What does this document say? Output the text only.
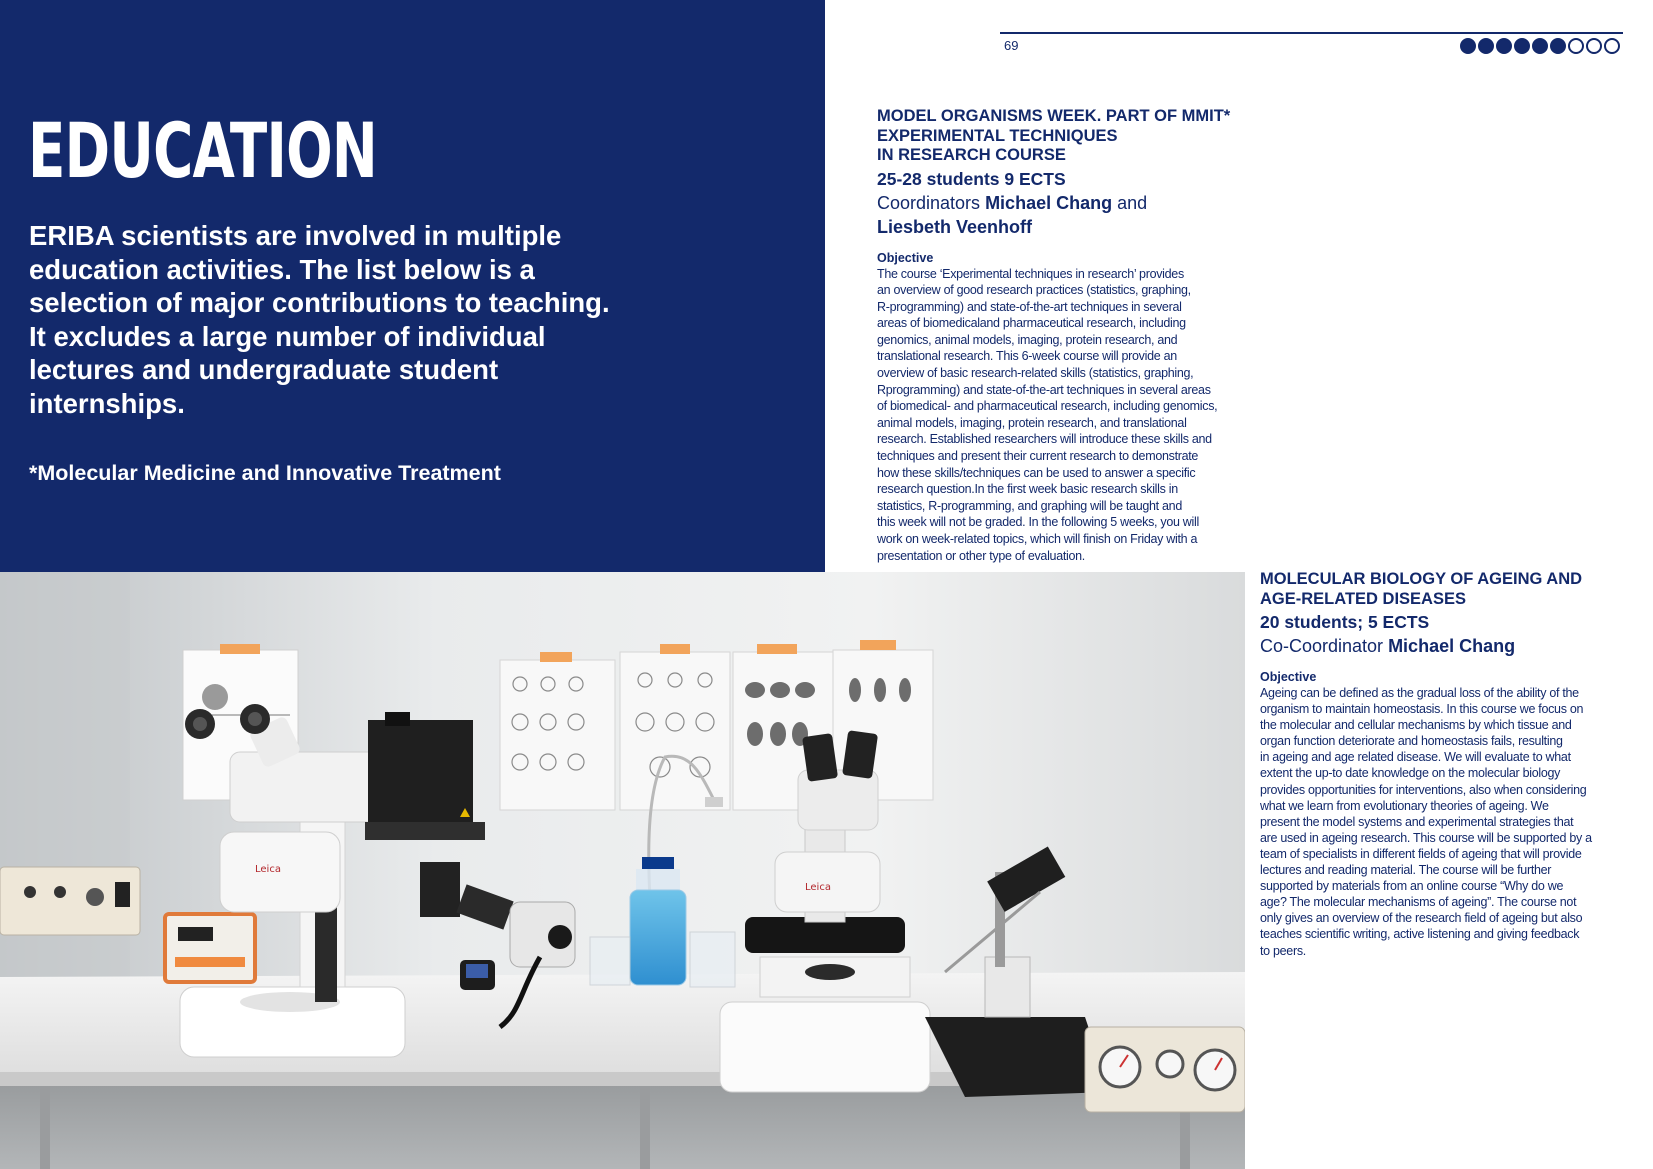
EDUCATION

ERIBA scientists are involved in multiple education activities. The list below is a selection of major contributions to teaching. It excludes a large number of individual lectures and undergraduate student internships.

*Molecular Medicine and Innovative Treatment

69
MODEL ORGANISMS WEEK. PART OF MMIT*
EXPERIMENTAL TECHNIQUES
IN RESEARCH COURSE
25-28 students 9 ECTS
Coordinators Michael Chang and
Liesbeth Veenhoff
Objective
The course ‘Experimental techniques in research’ provides
an overview of good research practices (statistics, graphing,
R-programming) and state-of-the-art techniques in several
areas of biomedicaland pharmaceutical research, including
genomics, animal models, imaging, protein research, and
translational research. This 6-week course will provide an
overview of basic research-related skills (statistics, graphing,
Rprogramming) and state-of-the-art techniques in several areas
of biomedical- and pharmaceutical research, including genomics,
animal models, imaging, protein research, and translational
research. Established researchers will introduce these skills and
techniques and present their current research to demonstrate
how these skills/techniques can be used to answer a specific
research question.In the first week basic research skills in
statistics, R-programming, and graphing will be taught and
this week will not be graded. In the following 5 weeks, you will
work on week-related topics, which will finish on Friday with a
presentation or other type of evaluation.
Leica
Leica
MOLECULAR BIOLOGY OF AGEING AND
AGE-RELATED DISEASES
20 students; 5 ECTS
Co-Coordinator Michael Chang
Objective
Ageing can be defined as the gradual loss of the ability of the
organism to maintain homeostasis. In this course we focus on
the molecular and cellular mechanisms by which tissue and
organ function deteriorate and homeostasis fails, resulting
in ageing and age related disease. We will evaluate to what
extent the up-to date knowledge on the molecular biology
provides opportunities for interventions, also when considering
what we learn from evolutionary theories of ageing. We
present the model systems and experimental strategies that
are used in ageing research. This course will be supported by a
team of specialists in different fields of ageing that will provide
lectures and reading material. The course will be further
supported by materials from an online course “Why do we
age? The molecular mechanisms of ageing”. The course not
only gives an overview of the research field of ageing but also
teaches scientific writing, active listening and giving feedback
to peers.
